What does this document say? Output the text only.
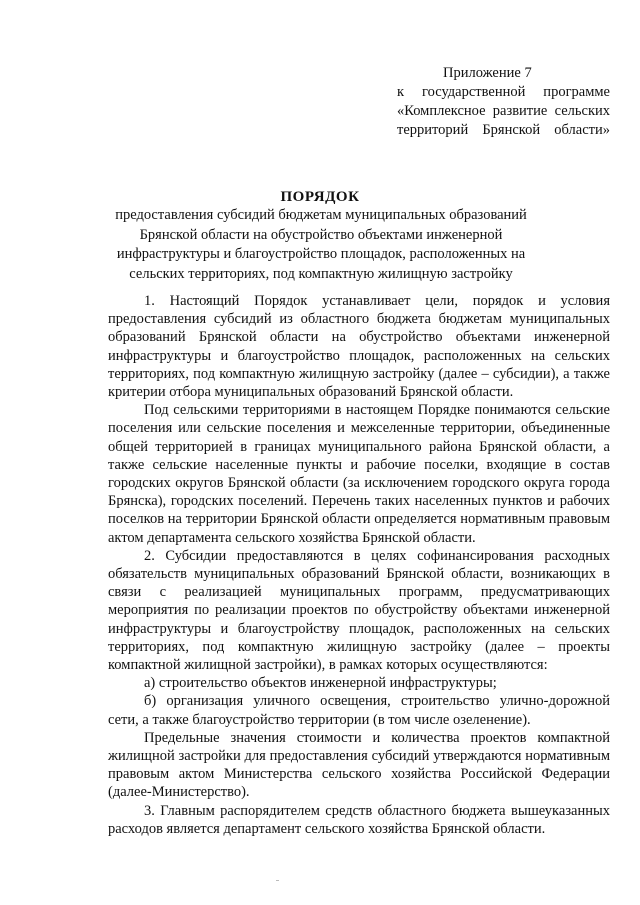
Приложение 7
к государственной программе
«Комплексное развитие сельских
территорий Брянской области»
ПОРЯДОК
предоставления субсидий бюджетам муниципальных образований Брянской области на обустройство объектами инженерной инфраструктуры и благоустройство площадок, расположенных на сельских территориях, под компактную жилищную застройку

1. Настоящий Порядок устанавливает цели, порядок и условия предоставления субсидий из областного бюджета бюджетам муниципальных образований Брянской области на обустройство объектами инженерной инфраструктуры и благоустройство площадок, расположенных на сельских территориях, под компактную жилищную застройку (далее – субсидии), а также критерии отбора муниципальных образований Брянской области.

Под сельскими территориями в настоящем Порядке понимаются сельские поселения или сельские поселения и межселенные территории, объединенные общей территорией в границах муниципального района Брянской области, а также сельские населенные пункты и рабочие поселки, входящие в состав городских округов Брянской области (за исключением городского округа города Брянска), городских поселений. Перечень таких населенных пунктов и рабочих поселков на территории Брянской области определяется нормативным правовым актом департамента сельского хозяйства Брянской области.

2. Субсидии предоставляются в целях софинансирования расходных обязательств муниципальных образований Брянской области, возникающих в связи с реализацией муниципальных программ, предусматривающих мероприятия по реализации проектов по обустройству объектами инженерной инфраструктуры и благоустройству площадок, расположенных на сельских территориях, под компактную жилищную застройку (далее – проекты компактной жилищной застройки), в рамках которых осуществляются:

а) строительство объектов инженерной инфраструктуры;

б) организация уличного освещения, строительство улично-дорожной сети, а также благоустройство территории (в том числе озеленение).

Предельные значения стоимости и количества проектов компактной жилищной застройки для предоставления субсидий утверждаются нормативным правовым актом Министерства сельского хозяйства Российской Федерации (далее-Министерство).

3. Главным распорядителем средств областного бюджета вышеуказанных расходов является департамент сельского хозяйства Брянской области.
